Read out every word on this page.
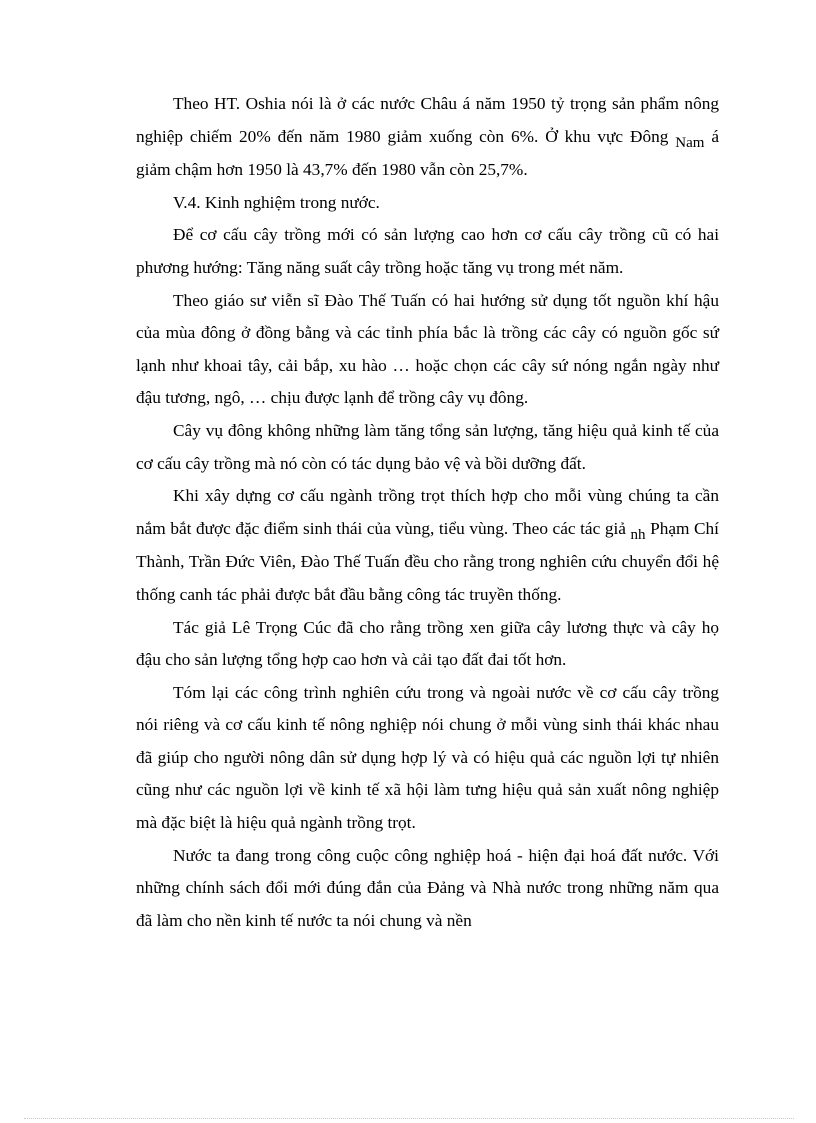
Theo HT. Oshia nói là ở các nước Châu á năm 1950 tỷ trọng sản phẩm nông nghiệp chiếm 20% đến năm 1980 giảm xuống còn 6%. Ở khu vực Đông Nam á giảm chậm hơn 1950 là 43,7% đến 1980 vẫn còn 25,7%.

V.4. Kinh nghiệm trong nước.

Để cơ cấu cây trồng mới có sản lượng cao hơn cơ cấu cây trồng cũ có hai phương hướng: Tăng năng suất cây trồng hoặc tăng vụ trong mét năm.

Theo giáo sư viễn sĩ Đào Thế Tuấn có hai hướng sử dụng tốt nguồn khí hậu của mùa đông ở đồng bằng và các tỉnh phía bắc là trồng các cây có nguồn gốc sứ lạnh như khoai tây, cải bắp, xu hào … hoặc chọn các cây sứ nóng ngắn ngày như đậu tương, ngô, … chịu được lạnh để trồng cây vụ đông.

Cây vụ đông không những làm tăng tổng sản lượng, tăng hiệu quả kinh tế của cơ cấu cây trồng mà nó còn có tác dụng bảo vệ và bồi dưỡng đất.

Khi xây dựng cơ cấu ngành trồng trọt thích hợp cho mỗi vùng chúng ta cần nắm bắt được đặc điểm sinh thái của vùng, tiểu vùng. Theo các tác giả nh Phạm Chí Thành, Trần Đức Viên, Đào Thế Tuấn đều cho rằng trong nghiên cứu chuyển đổi hệ thống canh tác phải được bắt đầu bằng công tác truyền thống.

Tác giả Lê Trọng Cúc đã cho rằng trồng xen giữa cây lương thực và cây họ đậu cho sản lượng tổng hợp cao hơn và cải tạo đất đai tốt hơn.

Tóm lại các công trình nghiên cứu trong và ngoài nước về cơ cấu cây trồng nói riêng và cơ cấu kinh tế nông nghiệp nói chung ở mỗi vùng sinh thái khác nhau đã giúp cho người nông dân sử dụng hợp lý và có hiệu quả các nguồn lợi tự nhiên cũng như các nguồn lợi về kinh tế xã hội làm tưng hiệu quả sản xuất nông nghiệp mà đặc biệt là hiệu quả ngành trồng trọt.

Nước ta đang trong công cuộc công nghiệp hoá - hiện đại hoá đất nước. Với những chính sách đổi mới đúng đắn của Đảng và Nhà nước trong những năm qua đã làm cho nền kinh tế nước ta nói chung và nền
